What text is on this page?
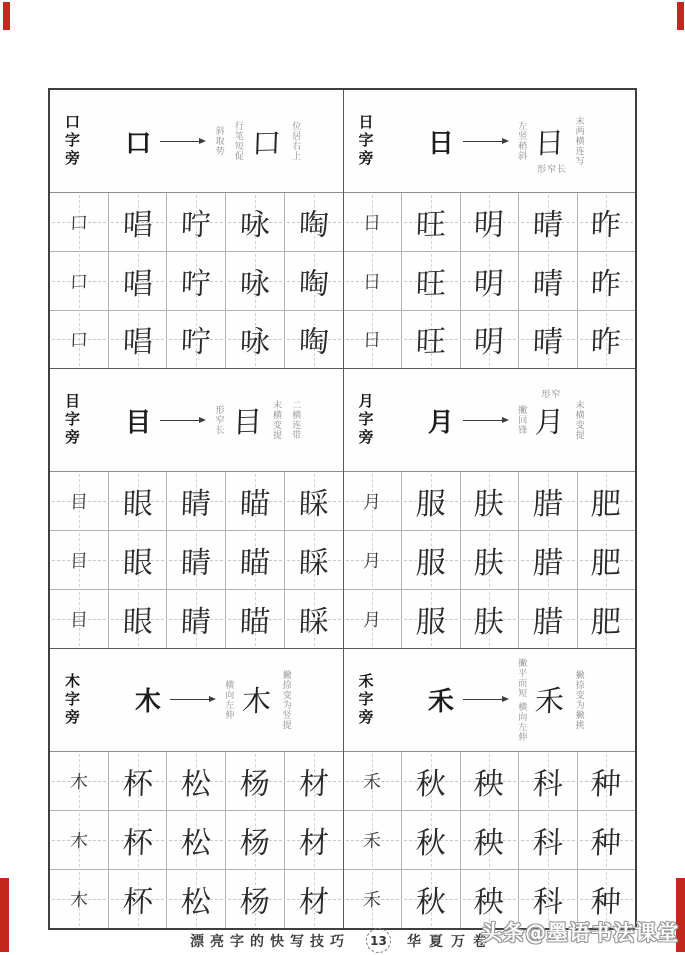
口字旁 口	斜取势 行笔短促 口 位居右上
口 唱 咛 咏 啕
口 唱 咛 咏 啕
口 唱 咛 咏 啕
日字旁 日	左竖稍斜 日
形窄长
末两横连写
日 旺 明 晴 昨
日 旺 明 晴 昨
日 旺 明 晴 昨
目字旁 目	形窄长 目 末横变提 二横连带
目 眼 睛 瞄 睬
目 眼 睛 瞄 睬
目 眼 睛 瞄 睬
月字旁 月	撇回锋
形窄
月 末横变提
月 服 肤 腊 肥
月 服 肤 腊 肥
月 服 肤 腊 肥
木字旁 木	横向左伸 木 撇捺变为竖提
木 杯 松 杨 材
木 杯 松 杨 材
木 杯 松 杨 材
禾字旁 禾
撇平而短
横向左伸
禾 撇捺变为撇挑
禾 秋 秧 科 种
禾 秋 秧 科 种
禾 秋 秧 科 种
漂亮字的快写技巧	13 华夏万卷
头条@墨语书法课堂
